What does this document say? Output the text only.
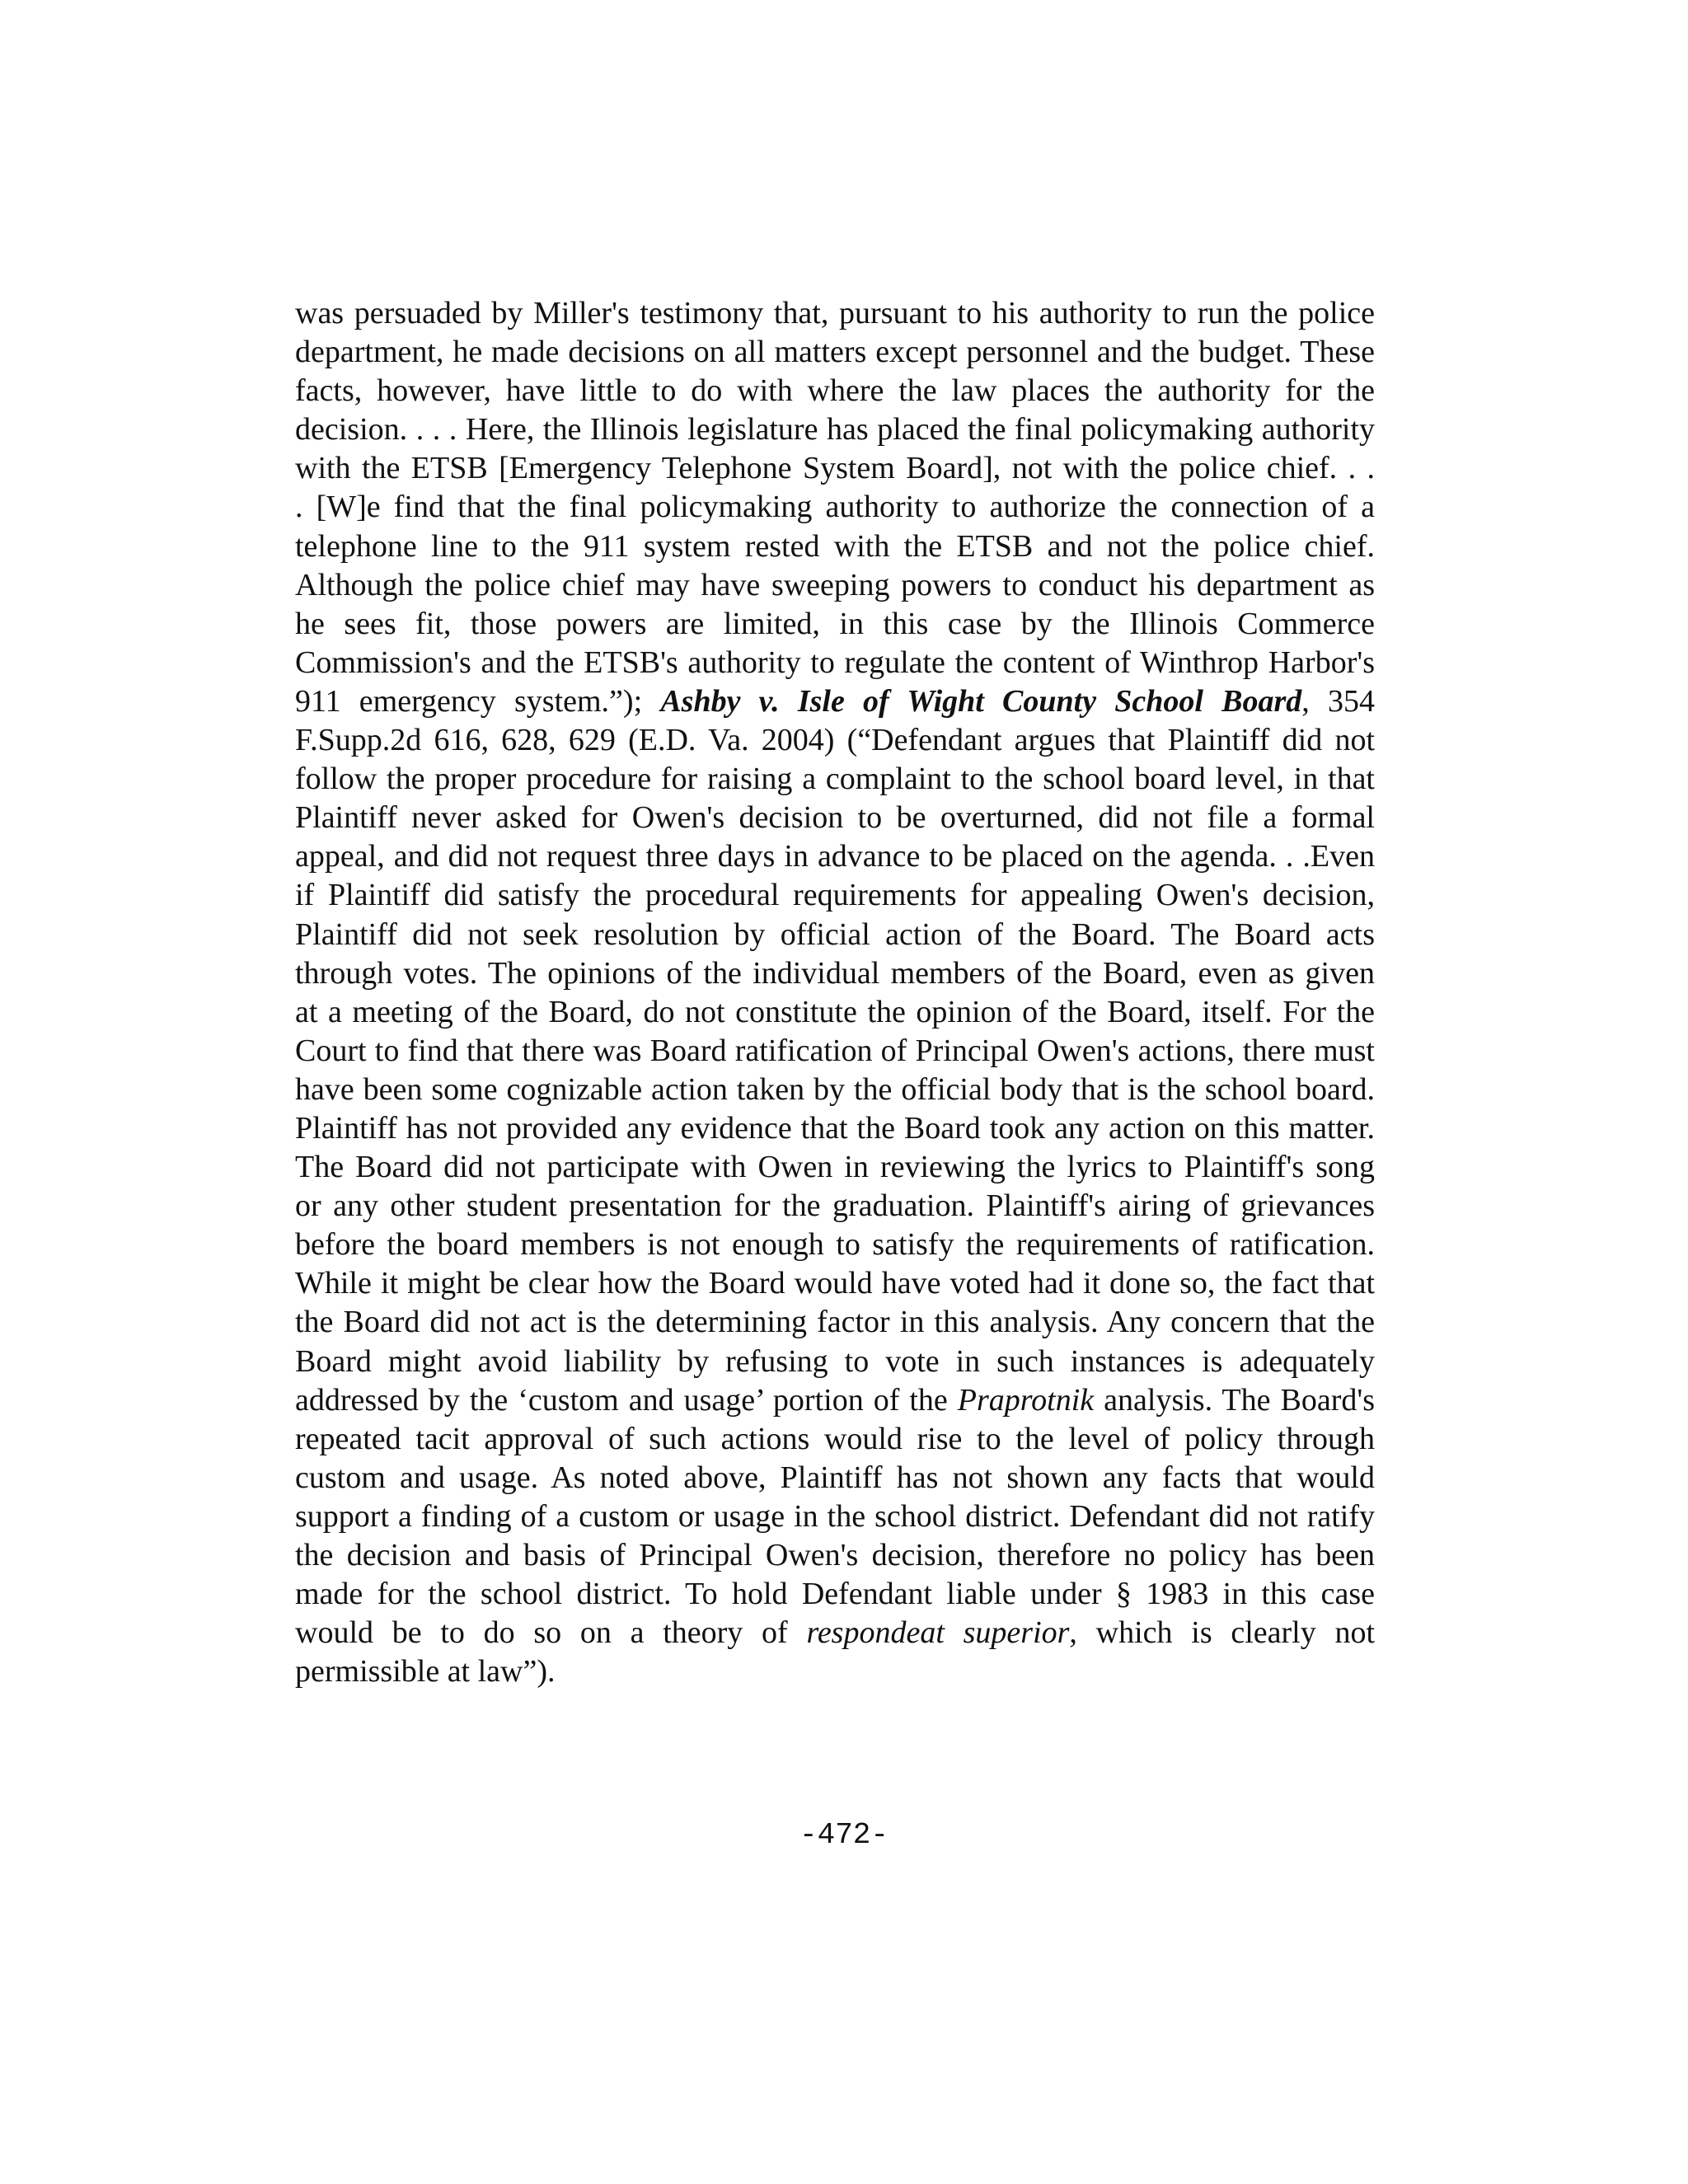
was persuaded by Miller's testimony that, pursuant to his authority to run the police
department, he made decisions on all matters except personnel and the budget. These
facts, however, have little to do with where the law places the authority for the
decision. . . . Here, the Illinois legislature has placed the final policymaking authority
with the ETSB [Emergency Telephone System Board], not with the police chief. . .
. [W]e find that the final policymaking authority to authorize the connection of a
telephone line to the 911 system rested with the ETSB and not the police chief.
Although the police chief may have sweeping powers to conduct his department as
he sees fit, those powers are limited, in this case by the Illinois Commerce
Commission's and the ETSB's authority to regulate the content of Winthrop Harbor's
911 emergency system.”); Ashby v. Isle of Wight County School Board, 354
F.Supp.2d 616, 628, 629 (E.D. Va. 2004) (“Defendant argues that Plaintiff did not
follow the proper procedure for raising a complaint to the school board level, in that
Plaintiff never asked for Owen's decision to be overturned, did not file a formal
appeal, and did not request three days in advance to be placed on the agenda. . .Even
if Plaintiff did satisfy the procedural requirements for appealing Owen's decision,
Plaintiff did not seek resolution by official action of the Board. The Board acts
through votes. The opinions of the individual members of the Board, even as given
at a meeting of the Board, do not constitute the opinion of the Board, itself. For the
Court to find that there was Board ratification of Principal Owen's actions, there must
have been some cognizable action taken by the official body that is the school board.
Plaintiff has not provided any evidence that the Board took any action on this matter.
The Board did not participate with Owen in reviewing the lyrics to Plaintiff's song
or any other student presentation for the graduation. Plaintiff's airing of grievances
before the board members is not enough to satisfy the requirements of ratification.
While it might be clear how the Board would have voted had it done so, the fact that
the Board did not act is the determining factor in this analysis. Any concern that the
Board might avoid liability by refusing to vote in such instances is adequately
addressed by the ‘custom and usage’ portion of the Praprotnik analysis. The Board's
repeated tacit approval of such actions would rise to the level of policy through
custom and usage. As noted above, Plaintiff has not shown any facts that would
support a finding of a custom or usage in the school district. Defendant did not ratify
the decision and basis of Principal Owen's decision, therefore no policy has been
made for the school district. To hold Defendant liable under § 1983 in this case
would be to do so on a theory of respondeat superior, which is clearly not
permissible at law”).
-472-
